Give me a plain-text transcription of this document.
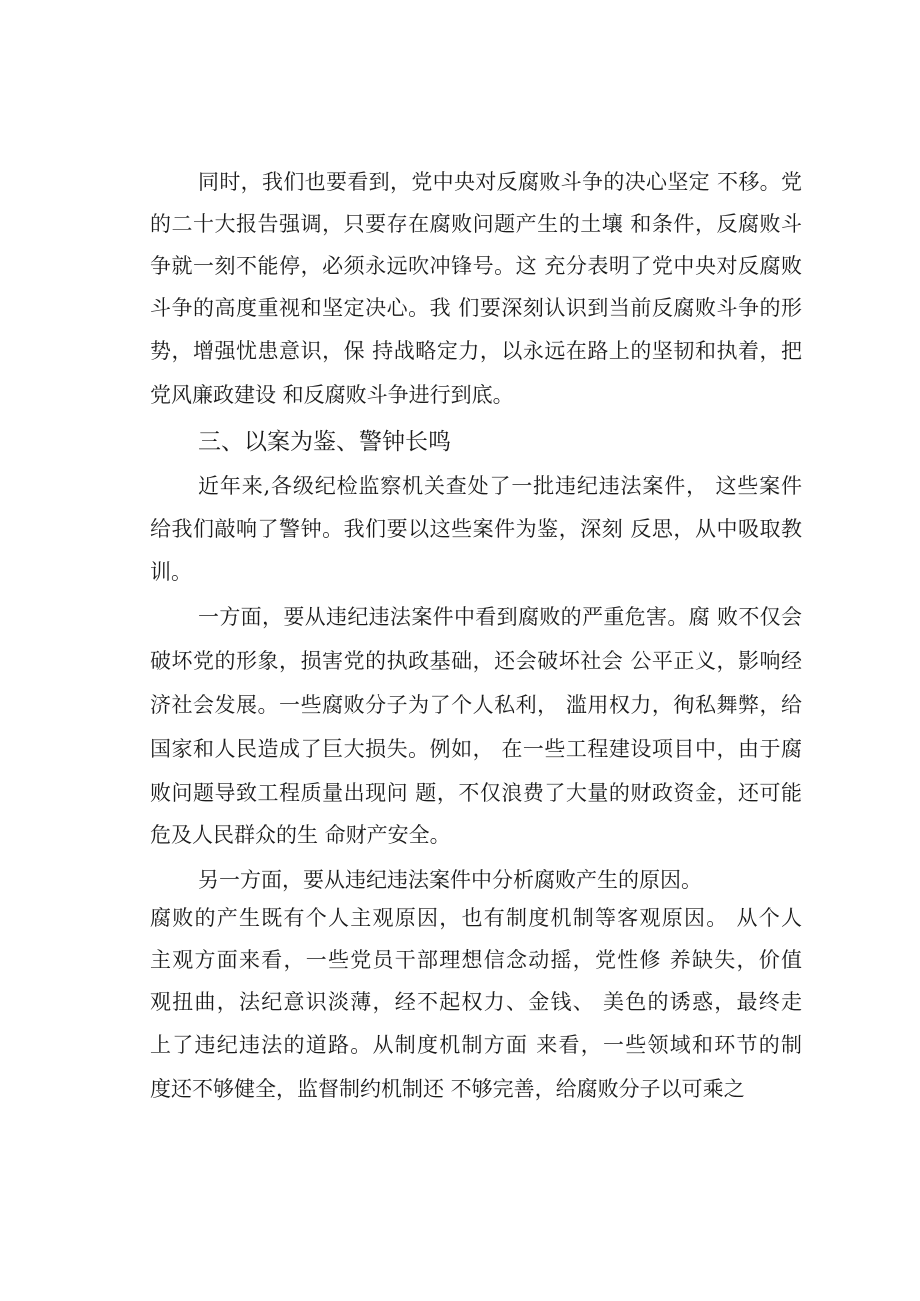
同时，我们也要看到，党中央对反腐败斗争的决心坚定 不移。党
的二十大报告强调，只要存在腐败问题产生的土壤 和条件，反腐败斗
争就一刻不能停，必须永远吹冲锋号。这 充分表明了党中央对反腐败
斗争的高度重视和坚定决心。我 们要深刻认识到当前反腐败斗争的形
势，增强忧患意识，保 持战略定力，以永远在路上的坚韧和执着，把
党风廉政建设 和反腐败斗争进行到底。
三、以案为鉴、警钟长鸣
近年来,各级纪检监察机关查处了一批违纪违法案件， 这些案件
给我们敲响了警钟。我们要以这些案件为鉴，深刻 反思，从中吸取教
训。
一方面，要从违纪违法案件中看到腐败的严重危害。腐 败不仅会
破坏党的形象，损害党的执政基础，还会破坏社会 公平正义，影响经
济社会发展。一些腐败分子为了个人私利， 滥用权力，徇私舞弊，给
国家和人民造成了巨大损失。例如， 在一些工程建设项目中，由于腐
败问题导致工程质量出现问 题，不仅浪费了大量的财政资金，还可能
危及人民群众的生 命财产安全。
另一方面，要从违纪违法案件中分析腐败产生的原因。
腐败的产生既有个人主观原因，也有制度机制等客观原因。 从个人
主观方面来看，一些党员干部理想信念动摇，党性修 养缺失，价值
观扭曲，法纪意识淡薄，经不起权力、金钱、 美色的诱惑，最终走
上了违纪违法的道路。从制度机制方面 来看，一些领域和环节的制
度还不够健全，监督制约机制还 不够完善，给腐败分子以可乘之
